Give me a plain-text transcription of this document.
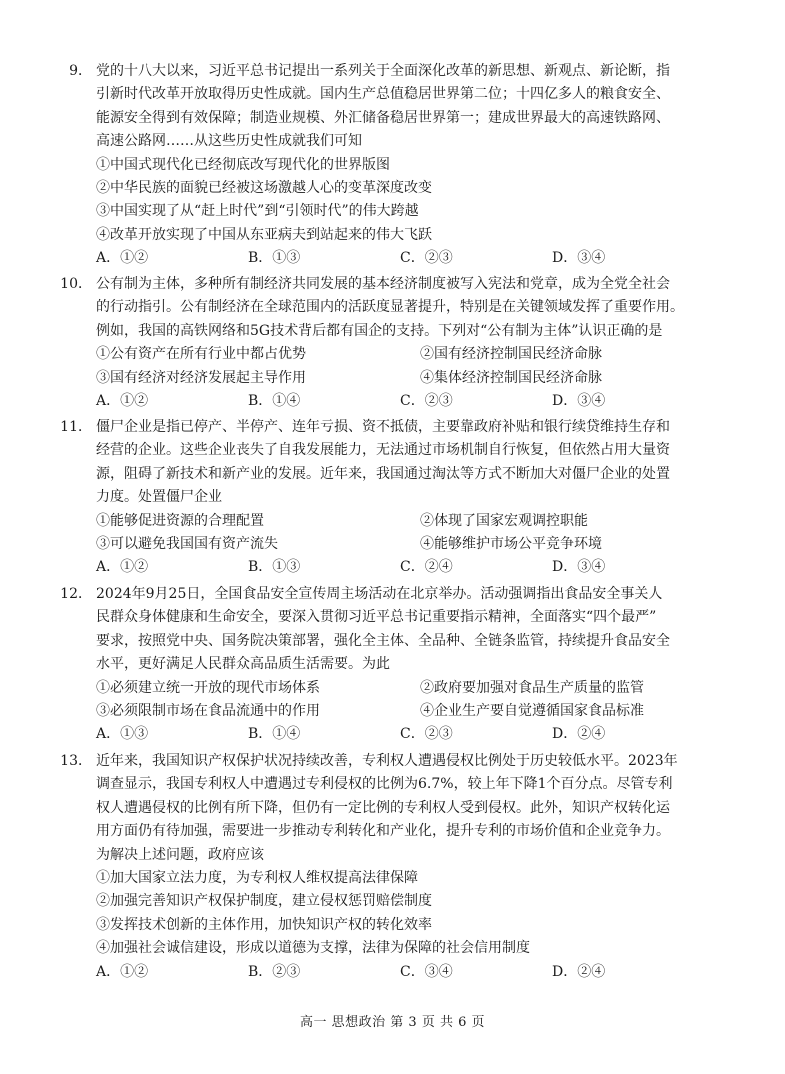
9． 党的十八大以来，习近平总书记提出一系列关于全面深化改革的新思想、新观点、新论断，指
引新时代改革开放取得历史性成就。国内生产总值稳居世界第二位；十四亿多人的粮食安全、
能源安全得到有效保障；制造业规模、外汇储备稳居世界第一；建成世界最大的高速铁路网、
高速公路网……从这些历史性成就我们可知
①中国式现代化已经彻底改写现代化的世界版图
②中华民族的面貌已经被这场激越人心的变革深度改变
③中国实现了从“赶上时代”到“引领时代”的伟大跨越
④改革开放实现了中国从东亚病夫到站起来的伟大飞跃
A．①②	B．①③	C．②③	D．③④
10． 公有制为主体，多种所有制经济共同发展的基本经济制度被写入宪法和党章，成为全党全社会
的行动指引。公有制经济在全球范围内的活跃度显著提升，特别是在关键领域发挥了重要作用。
例如，我国的高铁网络和5G技术背后都有国企的支持。下列对“公有制为主体”认识正确的是
①公有资产在所有行业中都占优势	②国有经济控制国民经济命脉
③国有经济对经济发展起主导作用	④集体经济控制国民经济命脉
A．①②	B．①④	C．②③	D．③④
11． 僵尸企业是指已停产、半停产、连年亏损、资不抵债，主要靠政府补贴和银行续贷维持生存和
经营的企业。这些企业丧失了自我发展能力，无法通过市场机制自行恢复，但依然占用大量资
源，阻碍了新技术和新产业的发展。近年来，我国通过淘汰等方式不断加大对僵尸企业的处置
力度。处置僵尸企业
①能够促进资源的合理配置	②体现了国家宏观调控职能
③可以避免我国国有资产流失	④能够维护市场公平竞争环境
A．①②	B．①③	C．②④	D．③④
12． 2024年9月25日，全国食品安全宣传周主场活动在北京举办。活动强调指出食品安全事关人
民群众身体健康和生命安全，要深入贯彻习近平总书记重要指示精神，全面落实“四个最严”
要求，按照党中央、国务院决策部署，强化全主体、全品种、全链条监管，持续提升食品安全
水平，更好满足人民群众高品质生活需要。为此
①必须建立统一开放的现代市场体系	②政府要加强对食品生产质量的监管
③必须限制市场在食品流通中的作用	④企业生产要自觉遵循国家食品标准
A．①③	B．①④	C．②③	D．②④
13． 近年来，我国知识产权保护状况持续改善，专利权人遭遇侵权比例处于历史较低水平。2023年
调查显示，我国专利权人中遭遇过专利侵权的比例为6.7%，较上年下降1个百分点。尽管专利
权人遭遇侵权的比例有所下降，但仍有一定比例的专利权人受到侵权。此外，知识产权转化运
用方面仍有待加强，需要进一步推动专利转化和产业化，提升专利的市场价值和企业竞争力。
为解决上述问题，政府应该
①加大国家立法力度，为专利权人维权提高法律保障
②加强完善知识产权保护制度，建立侵权惩罚赔偿制度
③发挥技术创新的主体作用，加快知识产权的转化效率
④加强社会诚信建设，形成以道德为支撑，法律为保障的社会信用制度
A．①②	B．②③	C．③④	D．②④
高一 思想政治 第 3 页 共 6 页
